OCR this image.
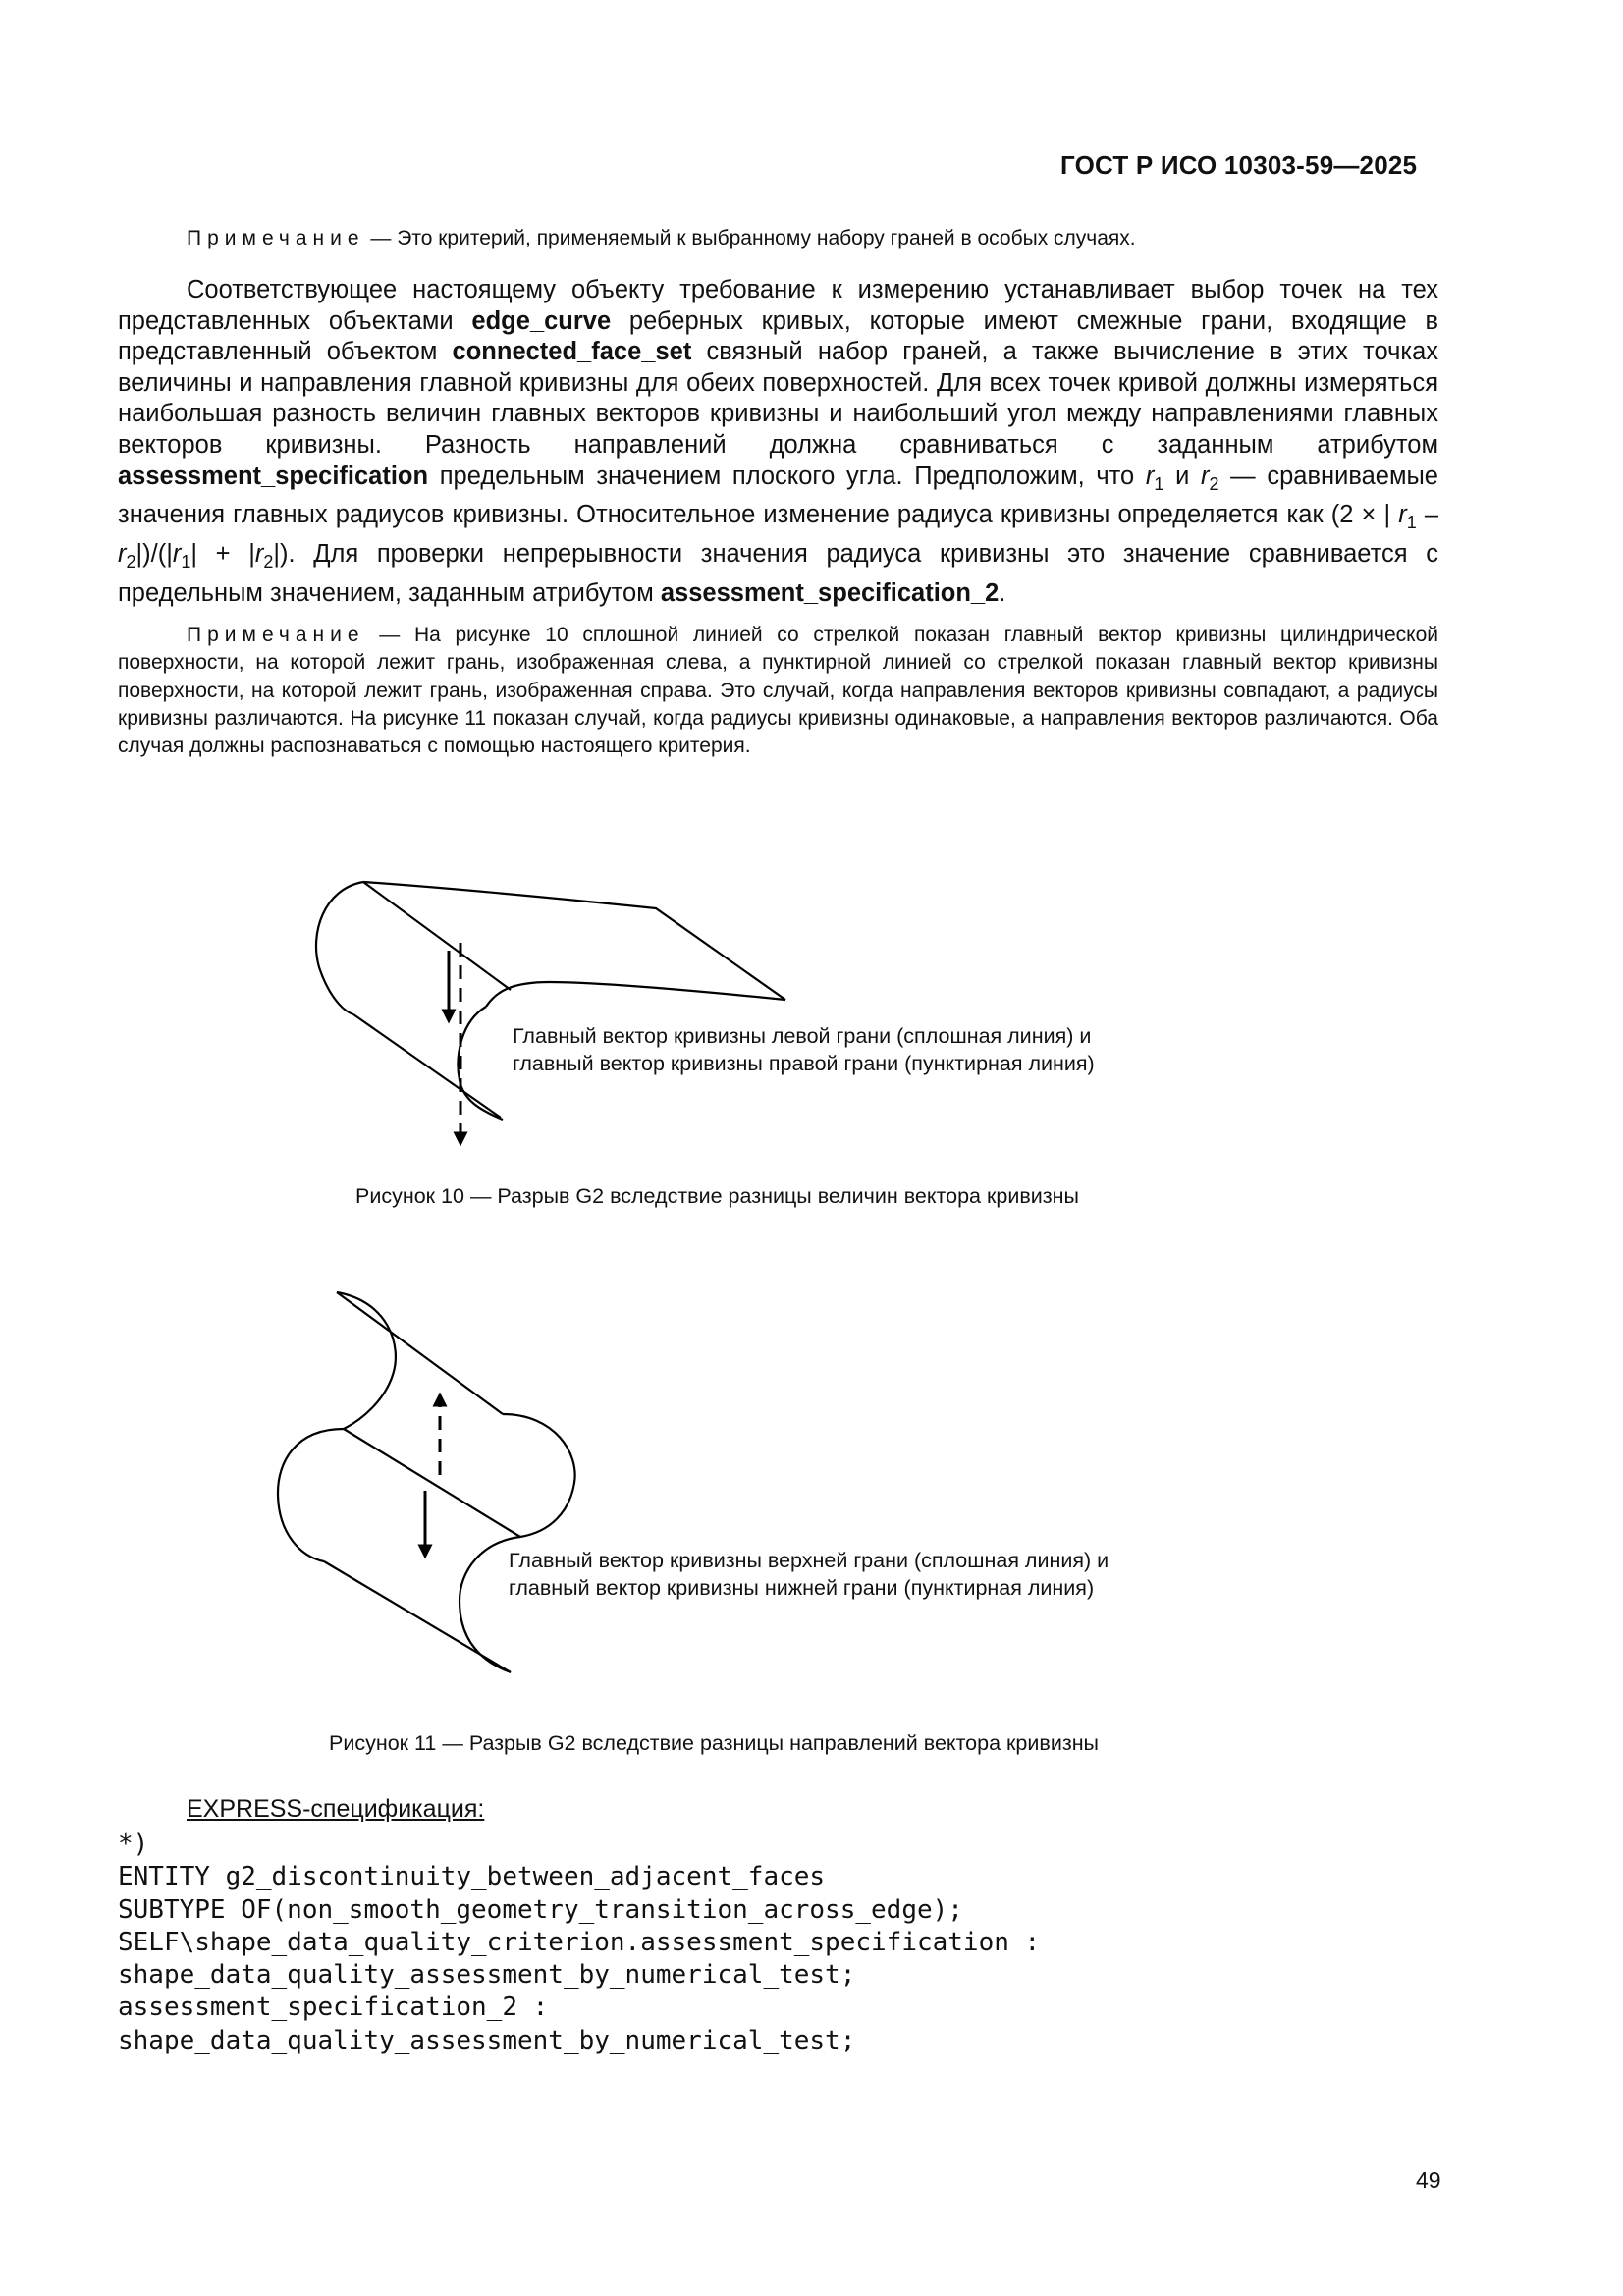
ГОСТ Р ИСО 10303-59—2025
Примечание — Это критерий, применяемый к выбранному набору граней в особых случаях.
Соответствующее настоящему объекту требование к измерению устанавливает выбор точек на тех представленных объектами edge_curve реберных кривых, которые имеют смежные грани, входящие в представленный объектом connected_face_set связный набор граней, а также вычисление в этих точках величины и направления главной кривизны для обеих поверхностей. Для всех точек кривой должны измеряться наибольшая разность величин главных векторов кривизны и наибольший угол между направлениями главных векторов кривизны. Разность направлений должна сравниваться с заданным атрибутом assessment_specification предельным значением плоского угла. Предположим, что $r_1$ и $r_2$ — сравниваемые значения главных радиусов кривизны. Относительное изменение радиуса кривизны определяется как (2 × | $r_1 - r_2|)/(|r_1| + |r_2|)$. Для проверки непрерывности значения радиуса кривизны это значение сравнивается с предельным значением, заданным атрибутом assessment_specification_2.
Примечание — На рисунке 10 сплошной линией со стрелкой показан главный вектор кривизны цилиндрической поверхности, на которой лежит грань, изображенная слева, а пунктирной линией со стрелкой показан главный вектор кривизны поверхности, на которой лежит грань, изображенная справа. Это случай, когда направления векторов кривизны совпадают, а радиусы кривизны различаются. На рисунке 11 показан случай, когда радиусы кривизны одинаковые, а направления векторов различаются. Оба случая должны распознаваться с помощью настоящего критерия.
Главный вектор кривизны левой грани (сплошная линия) и
главный вектор кривизны правой грани (пунктирная линия)
Рисунок 10 — Разрыв G2 вследствие разницы величин вектора кривизны
Главный вектор кривизны верхней грани (сплошная линия) и
главный вектор кривизны нижней грани (пунктирная линия)
Рисунок 11 — Разрыв G2 вследствие разницы направлений вектора кривизны
EXPRESS-спецификация:
*)
ENTITY g2_discontinuity_between_adjacent_faces
SUBTYPE OF(non_smooth_geometry_transition_across_edge);
SELF\shape_data_quality_criterion.assessment_specification :
shape_data_quality_assessment_by_numerical_test;
assessment_specification_2 :
shape_data_quality_assessment_by_numerical_test;
49
